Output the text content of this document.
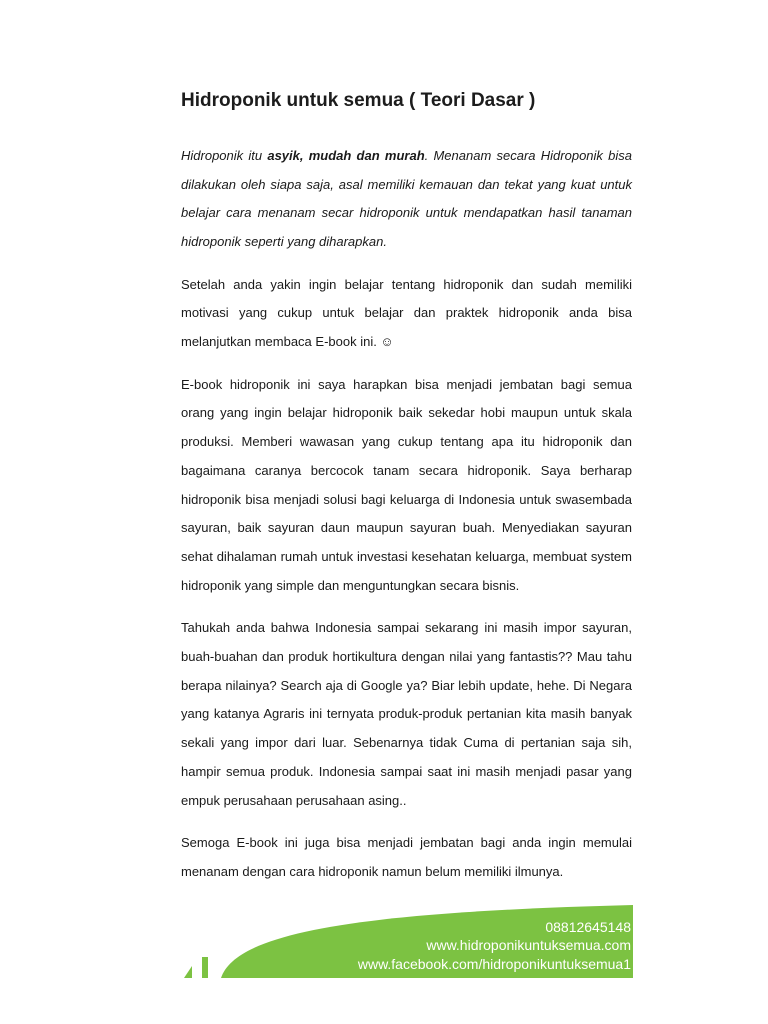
Hidroponik untuk semua ( Teori Dasar )

Hidroponik itu asyik, mudah dan murah. Menanam secara Hidroponik bisa dilakukan oleh siapa saja, asal memiliki kemauan dan tekat yang kuat untuk belajar cara menanam secar hidroponik untuk mendapatkan hasil tanaman hidroponik seperti yang diharapkan.

Setelah anda yakin ingin belajar tentang hidroponik dan sudah memiliki motivasi yang cukup untuk belajar dan praktek hidroponik anda bisa melanjutkan membaca E-book ini. ☺

E-book hidroponik ini saya harapkan bisa menjadi jembatan bagi semua orang yang ingin belajar hidroponik baik sekedar hobi maupun untuk skala produksi. Memberi wawasan yang cukup tentang apa itu hidroponik dan bagaimana caranya bercocok tanam secara hidroponik. Saya berharap hidroponik bisa menjadi solusi bagi keluarga di Indonesia untuk swasembada sayuran, baik sayuran daun maupun sayuran buah. Menyediakan sayuran sehat dihalaman rumah untuk investasi kesehatan keluarga, membuat system hidroponik yang simple dan menguntungkan secara bisnis.

Tahukah anda bahwa Indonesia sampai sekarang ini masih impor sayuran, buah-buahan dan produk hortikultura dengan nilai yang fantastis?? Mau tahu berapa nilainya? Search aja di Google ya? Biar lebih update, hehe. Di Negara yang katanya Agraris ini ternyata produk-produk pertanian kita masih banyak sekali yang impor dari luar. Sebenarnya tidak Cuma di pertanian saja sih, hampir semua produk. Indonesia sampai saat ini masih menjadi pasar yang empuk perusahaan perusahaan asing..

Semoga E-book ini juga bisa menjadi jembatan bagi anda ingin memulai menanam dengan cara hidroponik namun belum memiliki ilmunya.

08812645148
www.hidroponikuntuksemua.com
www.facebook.com/hidroponikuntuksemua1
